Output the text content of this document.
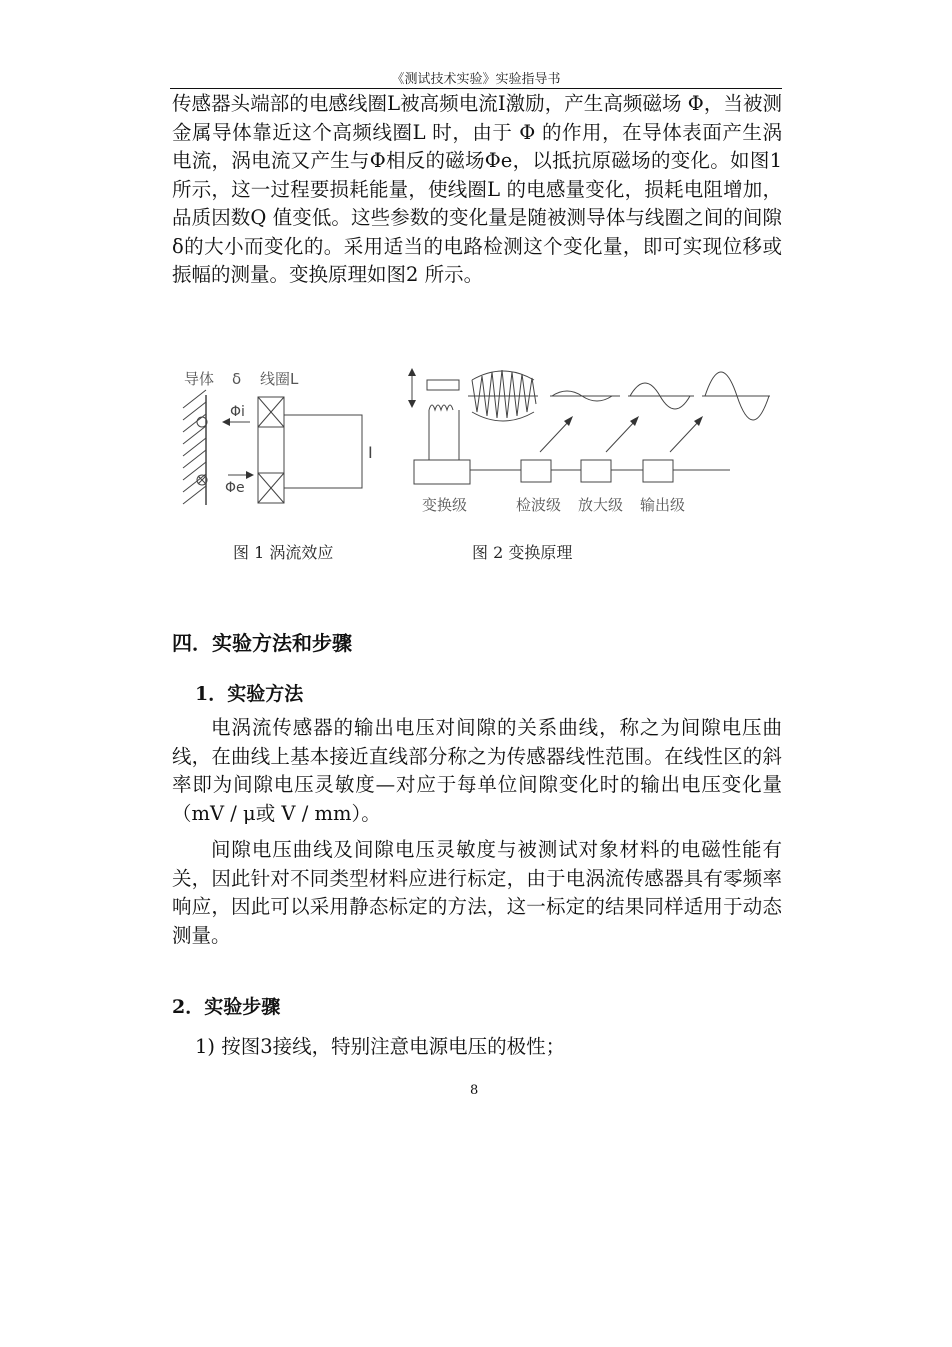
《测试技术实验》实验指导书

传感器头端部的电感线圈L被高频电流I激励，产生高频磁场 Φ，当被测金属导体靠近这个高频线圈L 时，由于 Φ 的作用，在导体表面产生涡电流，涡电流又产生与Φ相反的磁场Φe，以抵抗原磁场的变化。如图1 所示，这一过程要损耗能量，使线圈L 的电感量变化，损耗电阻增加，品质因数Q 值变低。这些参数的变化量是随被测导体与线圈之间的间隙δ的大小而变化的。采用适当的电路检测这个变化量，即可实现位移或振幅的测量。变换原理如图2 所示。

导体 δ 线圈L
Φi
Φe
I
变换级	检波级 放大级 输出级
图 1 涡流效应	图 2 变换原理
四．实验方法和步骤
1．实验方法

电涡流传感器的输出电压对间隙的关系曲线，称之为间隙电压曲线，在曲线上基本接近直线部分称之为传感器线性范围。在线性区的斜率即为间隙电压灵敏度—对应于每单位间隙变化时的输出电压变化量（mV / μ或 V / mm）。

间隙电压曲线及间隙电压灵敏度与被测试对象材料的电磁性能有关，因此针对不同类型材料应进行标定，由于电涡流传感器具有零频率响应，因此可以采用静态标定的方法，这一标定的结果同样适用于动态测量。

2．实验步骤
1) 按图3接线，特别注意电源电压的极性；
8
